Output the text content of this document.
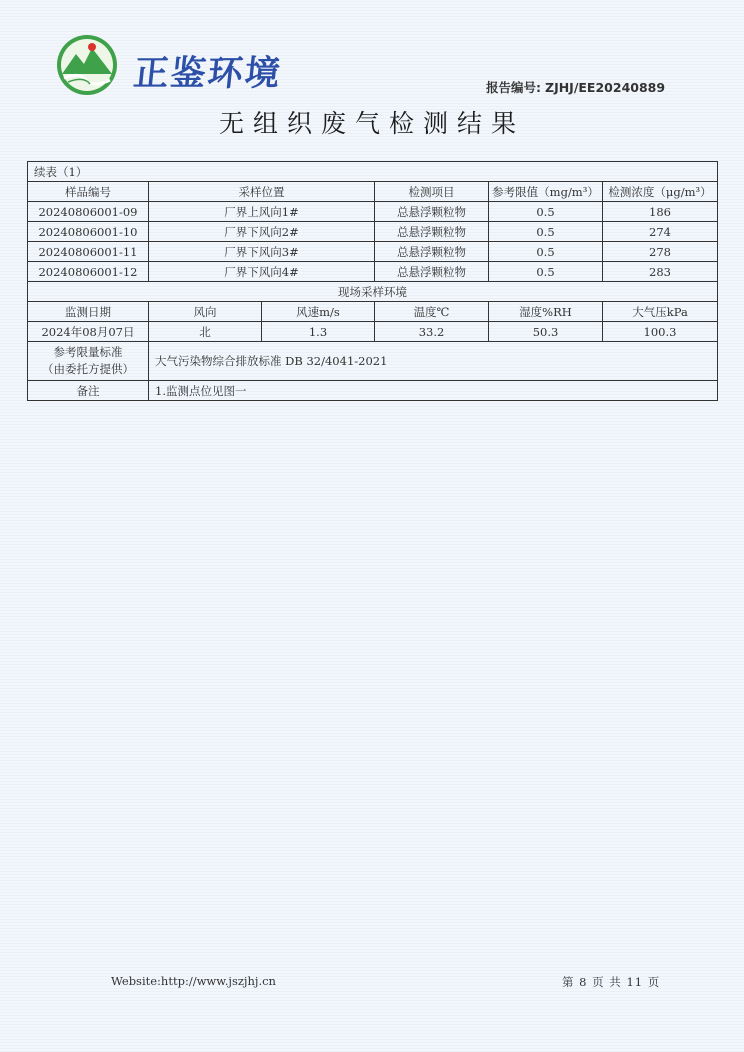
正鉴环境	报告编号: ZJHJ/EE20240889
无组织废气检测结果
续表（1）					
样品编号	采样位置		检测项目	参考限值（mg/m³）	检测浓度（μg/m³）
20240806001-09	厂界上风向1#		总悬浮颗粒物	0.5	186
20240806001-10	厂界下风向2#		总悬浮颗粒物	0.5	274
20240806001-11	厂界下风向3#		总悬浮颗粒物	0.5	278
20240806001-12	厂界下风向4#		总悬浮颗粒物	0.5	283
现场采样环境					
监测日期	风向	风速m/s	温度℃	湿度%RH	大气压kPa
2024年08月07日	北	1.3	33.2	50.3	100.3

参考限量标准
（由委托方提供）	大气污染物综合排放标准 DB 32/4041-2021				
备注	1.监测点位见图一				
Website:http://www.jszjhj.cn	第 8 页 共 11 页
